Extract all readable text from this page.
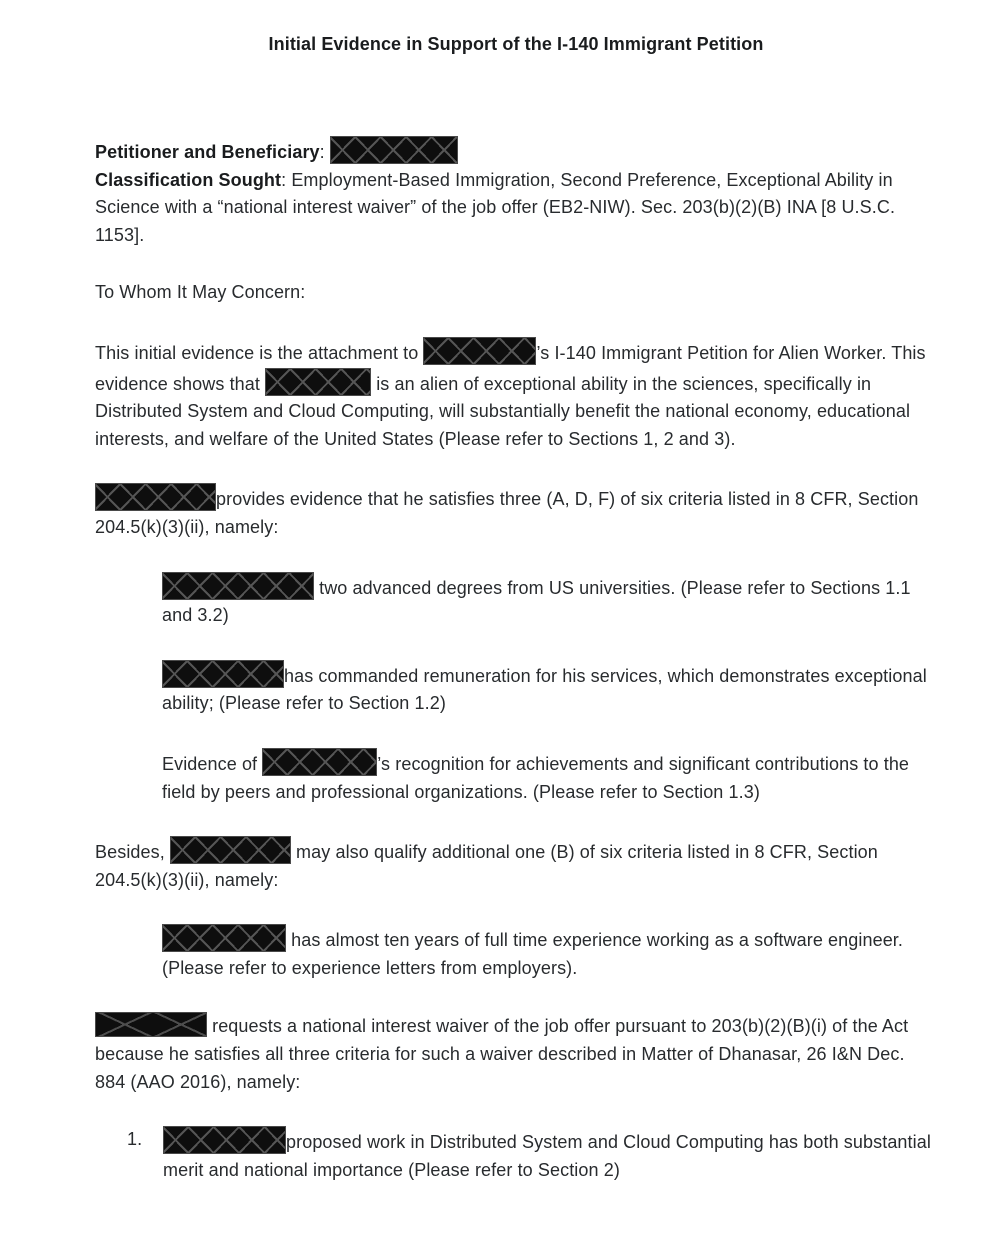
Initial Evidence in Support of the I-140 Immigrant Petition
Petitioner and Beneficiary:
Classification Sought: Employment-Based Immigration, Second Preference, Exceptional Ability in Science with a “national interest waiver” of the job offer (EB2-NIW). Sec. 203(b)(2)(B) INA [8 U.S.C. 1153].
To Whom It May Concern:
This initial evidence is the attachment to	’s I-140 Immigrant Petition for Alien Worker. This evidence shows that	is an alien of exceptional ability in the sciences, specifically in Distributed System and Cloud Computing, will substantially benefit the national economy, educational interests, and welfare of the United States (Please refer to Sections 1, 2 and 3).
provides evidence that he satisfies three (A, D, F) of six criteria listed in 8 CFR, Section 204.5(k)(3)(ii), namely:
two advanced degrees from US universities. (Please refer to Sections 1.1 and 3.2)
has commanded remuneration for his services, which demonstrates exceptional ability; (Please refer to Section 1.2)
Evidence of	’s recognition for achievements and significant contributions to the field by peers and professional organizations. (Please refer to Section 1.3)
Besides,	may also qualify additional one (B) of six criteria listed in 8 CFR, Section 204.5(k)(3)(ii), namely:
has almost ten years of full time experience working as a software engineer. (Please refer to experience letters from employers).
requests a national interest waiver of the job offer pursuant to 203(b)(2)(B)(i) of the Act because he satisfies all three criteria for such a waiver described in Matter of Dhanasar, 26 I&N Dec. 884 (AAO 2016), namely:
1.	proposed work in Distributed System and Cloud Computing has both substantial merit and national importance (Please refer to Section 2)
